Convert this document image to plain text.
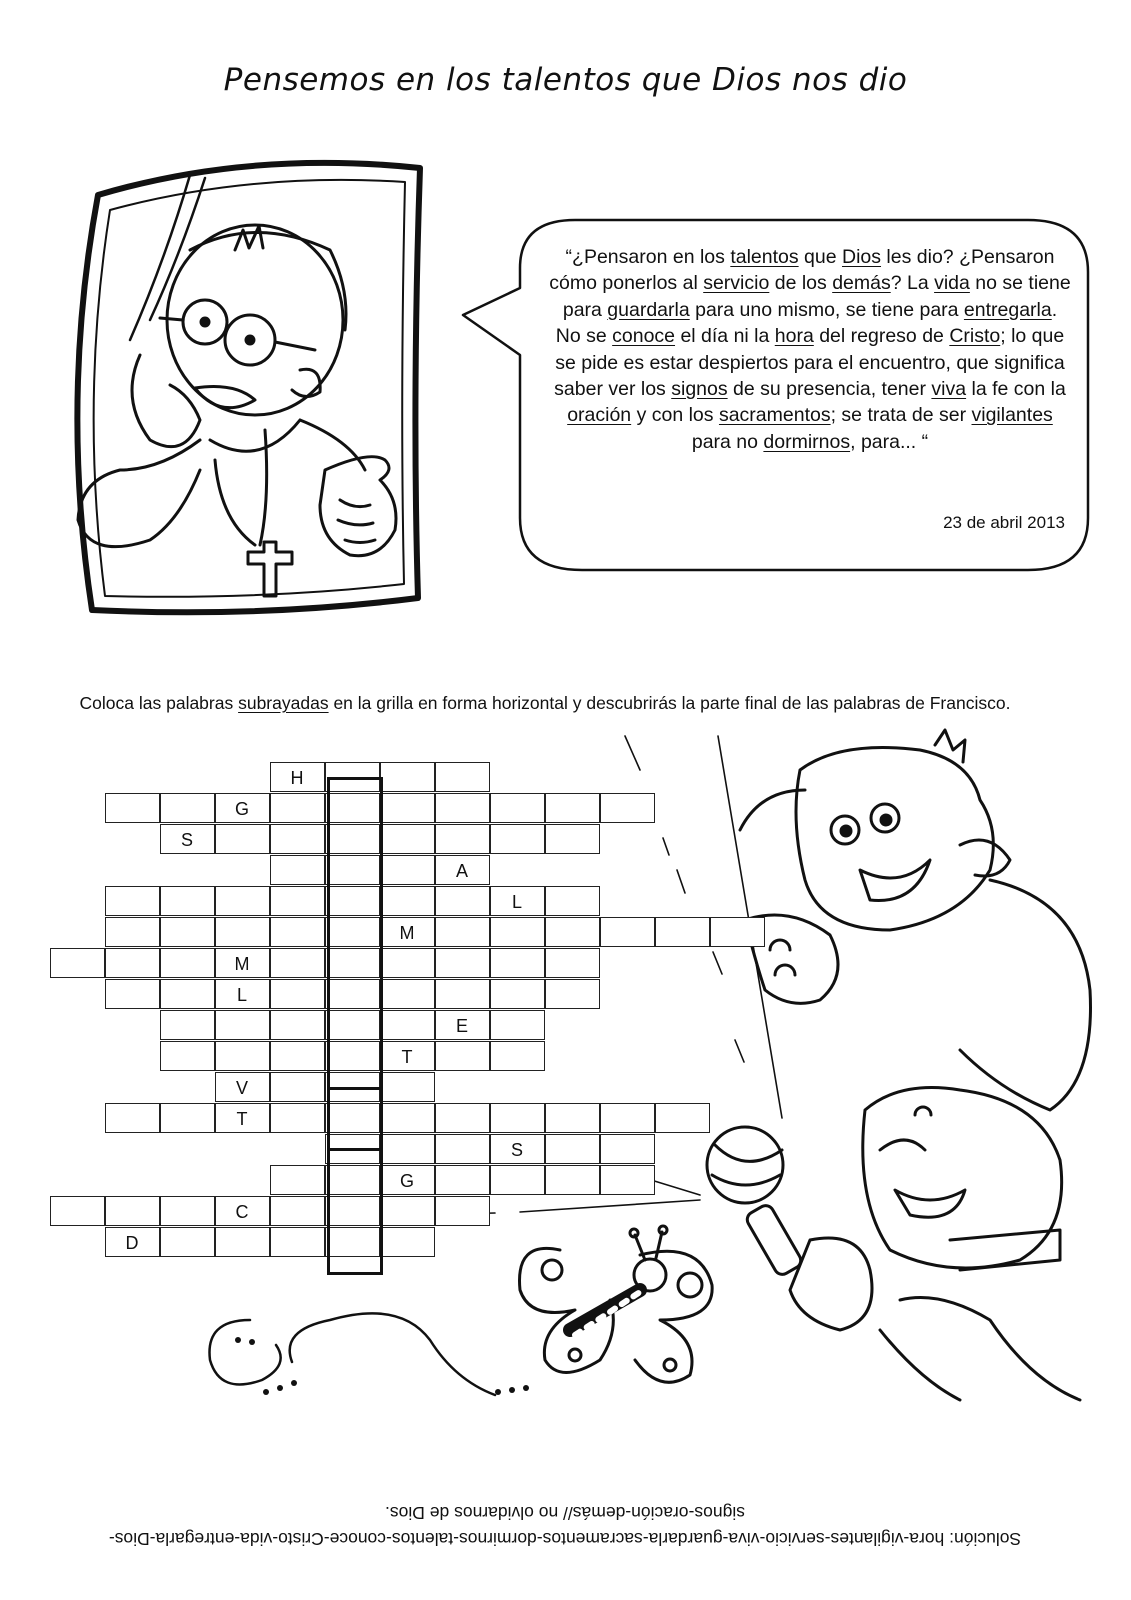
Pensemos en los talentos que Dios nos dio
“¿Pensaron en los talentos que Dios les dio? ¿Pensaron cómo ponerlos al servicio de los demás? La vida no se tiene para guardarla para uno mismo, se tiene para entregarla. No se conoce el día ni la hora del regreso de Cristo; lo que se pide es estar despiertos para el encuentro, que significa saber ver los signos de su presencia, tener viva la fe con la oración y con los sacramentos; se trata de ser vigilantes para no dormirnos, para... “
23 de abril 2013
Coloca las palabras subrayadas en la grilla en forma horizontal y descubrirás la parte final de las palabras de Francisco.
H
G
S
A
L
M
M
L
E
T
V
T
S
G
C
D
Solución: hora-vigilantes-servicio-viva-guardarla-sacramentos-dormirnos-talentos-conoce-Cristo-vida-entregarla-Dios-signos-oración-demás// no olvidarnos de Dios.
